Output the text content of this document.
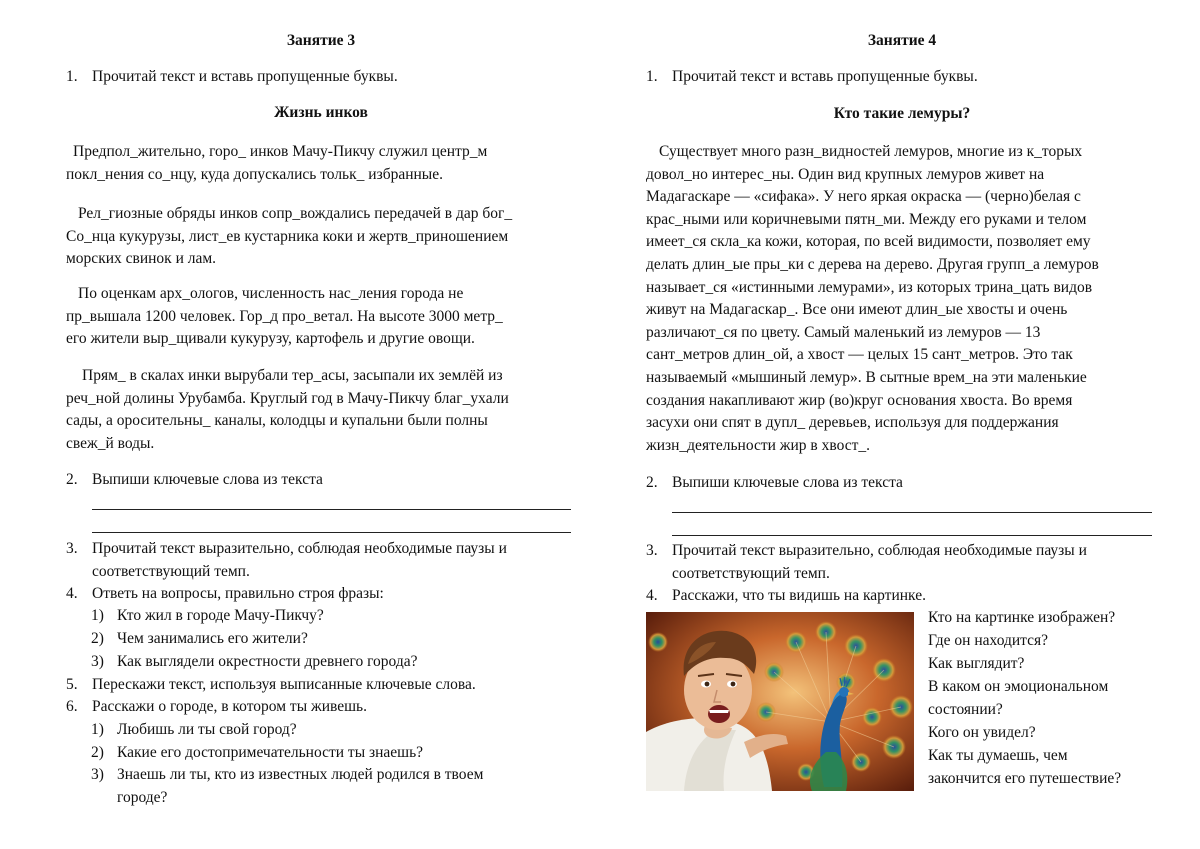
Занятие 3
1. Прочитай текст и вставь пропущенные буквы.
Жизнь инков
Предпол_жительно, горо_ инков Мачу-Пикчу служил центр_м
покл_нения со_нцу, куда допускались тольк_ избранные.
Рел_гиозные обряды инков сопр_вождались передачей в дар бог_
Со_нца кукурузы, лист_ев кустарника коки и жертв_приношением
морских свинок и лам.
По оценкам арх_ологов, численность нас_ления города не
пр_вышала 1200 человек. Гор_д про_ветал. На высоте 3000 метр_
его жители выр_щивали кукурузу, картофель и другие овощи.
Прям_ в скалах инки вырубали тер_асы, засыпали их землёй из
реч_ной долины Урубамба. Круглый год в Мачу-Пикчу благ_ухали
сады, а оросительны_ каналы, колодцы и купальни были полны
свеж_й воды.
2. Выпиши ключевые слова из текста
3. Прочитай текст выразительно, соблюдая необходимые паузы и
соответствующий темп.
4. Ответь на вопросы, правильно строя фразы:
1) Кто жил в городе Мачу-Пикчу?
2) Чем занимались его жители?
3) Как выглядели окрестности древнего города?
5. Перескажи текст, используя выписанные ключевые слова.
6. Расскажи о городе, в котором ты живешь.
1) Любишь ли ты свой город?
2) Какие его достопримечательности ты знаешь?
3) Знаешь ли ты, кто из известных людей родился в твоем
городе?
Занятие 4
1. Прочитай текст и вставь пропущенные буквы.
Кто такие лемуры?
Существует много разн_видностей лемуров, многие из к_торых
довол_но интерес_ны. Один вид крупных лемуров живет на
Мадагаскаре — «сифака». У него яркая окраска — (черно)белая с
крас_ными или коричневыми пятн_ми. Между его руками и телом
имеет_ся скла_ка кожи, которая, по всей видимости, позволяет ему
делать длин_ые пры_ки с дерева на дерево. Другая групп_а лемуров
называет_ся «истинными лемурами», из которых трина_цать видов
живут на Мадагаскар_. Все они имеют длин_ые хвосты и очень
различают_ся по цвету. Самый маленький из лемуров — 13
сант_метров длин_ой, а хвост — целых 15 сант_метров. Это так
называемый «мышиный лемур». В сытные врем_на эти маленькие
создания накапливают жир (во)круг основания хвоста. Во время
засухи они спят в дупл_ деревьев, используя для поддержания
жизн_деятельности жир в хвост_.
2. Выпиши ключевые слова из текста
3. Прочитай текст выразительно, соблюдая необходимые паузы и
соответствующий темп.
4. Расскажи, что ты видишь на картинке.
Кто на картинке изображен?
Где он находится?
Как выглядит?
В каком он эмоциональном
состоянии?
Кого он увидел?
Как ты думаешь, чем
закончится его путешествие?
